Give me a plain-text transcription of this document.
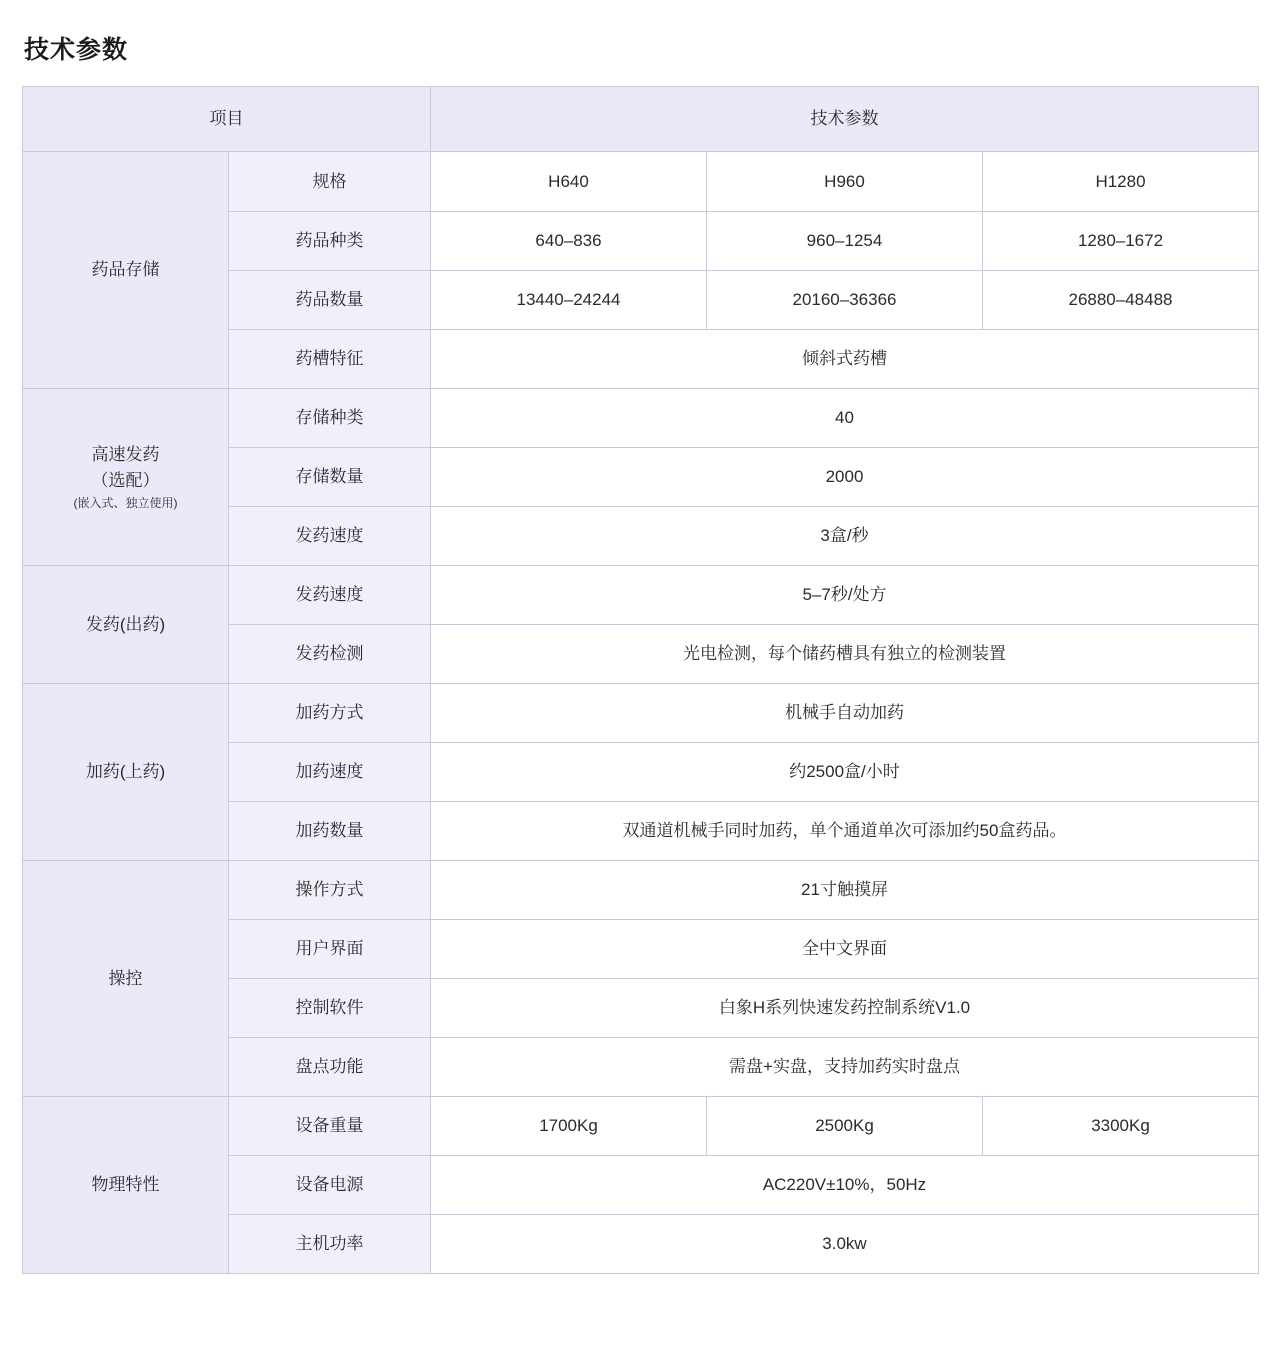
技术参数
项目		技术参数		
药品存储	规格	H640	H960	H1280
	药品种类	640–836	960–1254	1280–1672
	药品数量	13440–24244	20160–36366	26880–48488
	药槽特征	倾斜式药槽		

高速发药
（选配）
(嵌入式、独立使用)	存储种类	40		
	存储数量	2000		
	发药速度	3盒/秒		
发药(出药)	发药速度	5–7秒/处方		
	发药检测	光电检测，每个储药槽具有独立的检测装置		
加药(上药)	加药方式	机械手自动加药		
	加药速度	约2500盒/小时		
	加药数量	双通道机械手同时加药，单个通道单次可添加约50盒药品。		
操控	操作方式	21寸触摸屏		
	用户界面	全中文界面		
	控制软件	白象H系列快速发药控制系统V1.0		
	盘点功能	需盘+实盘，支持加药实时盘点		
物理特性	设备重量	1700Kg	2500Kg	3300Kg
	设备电源	AC220V±10%，50Hz		
	主机功率	3.0kw		
